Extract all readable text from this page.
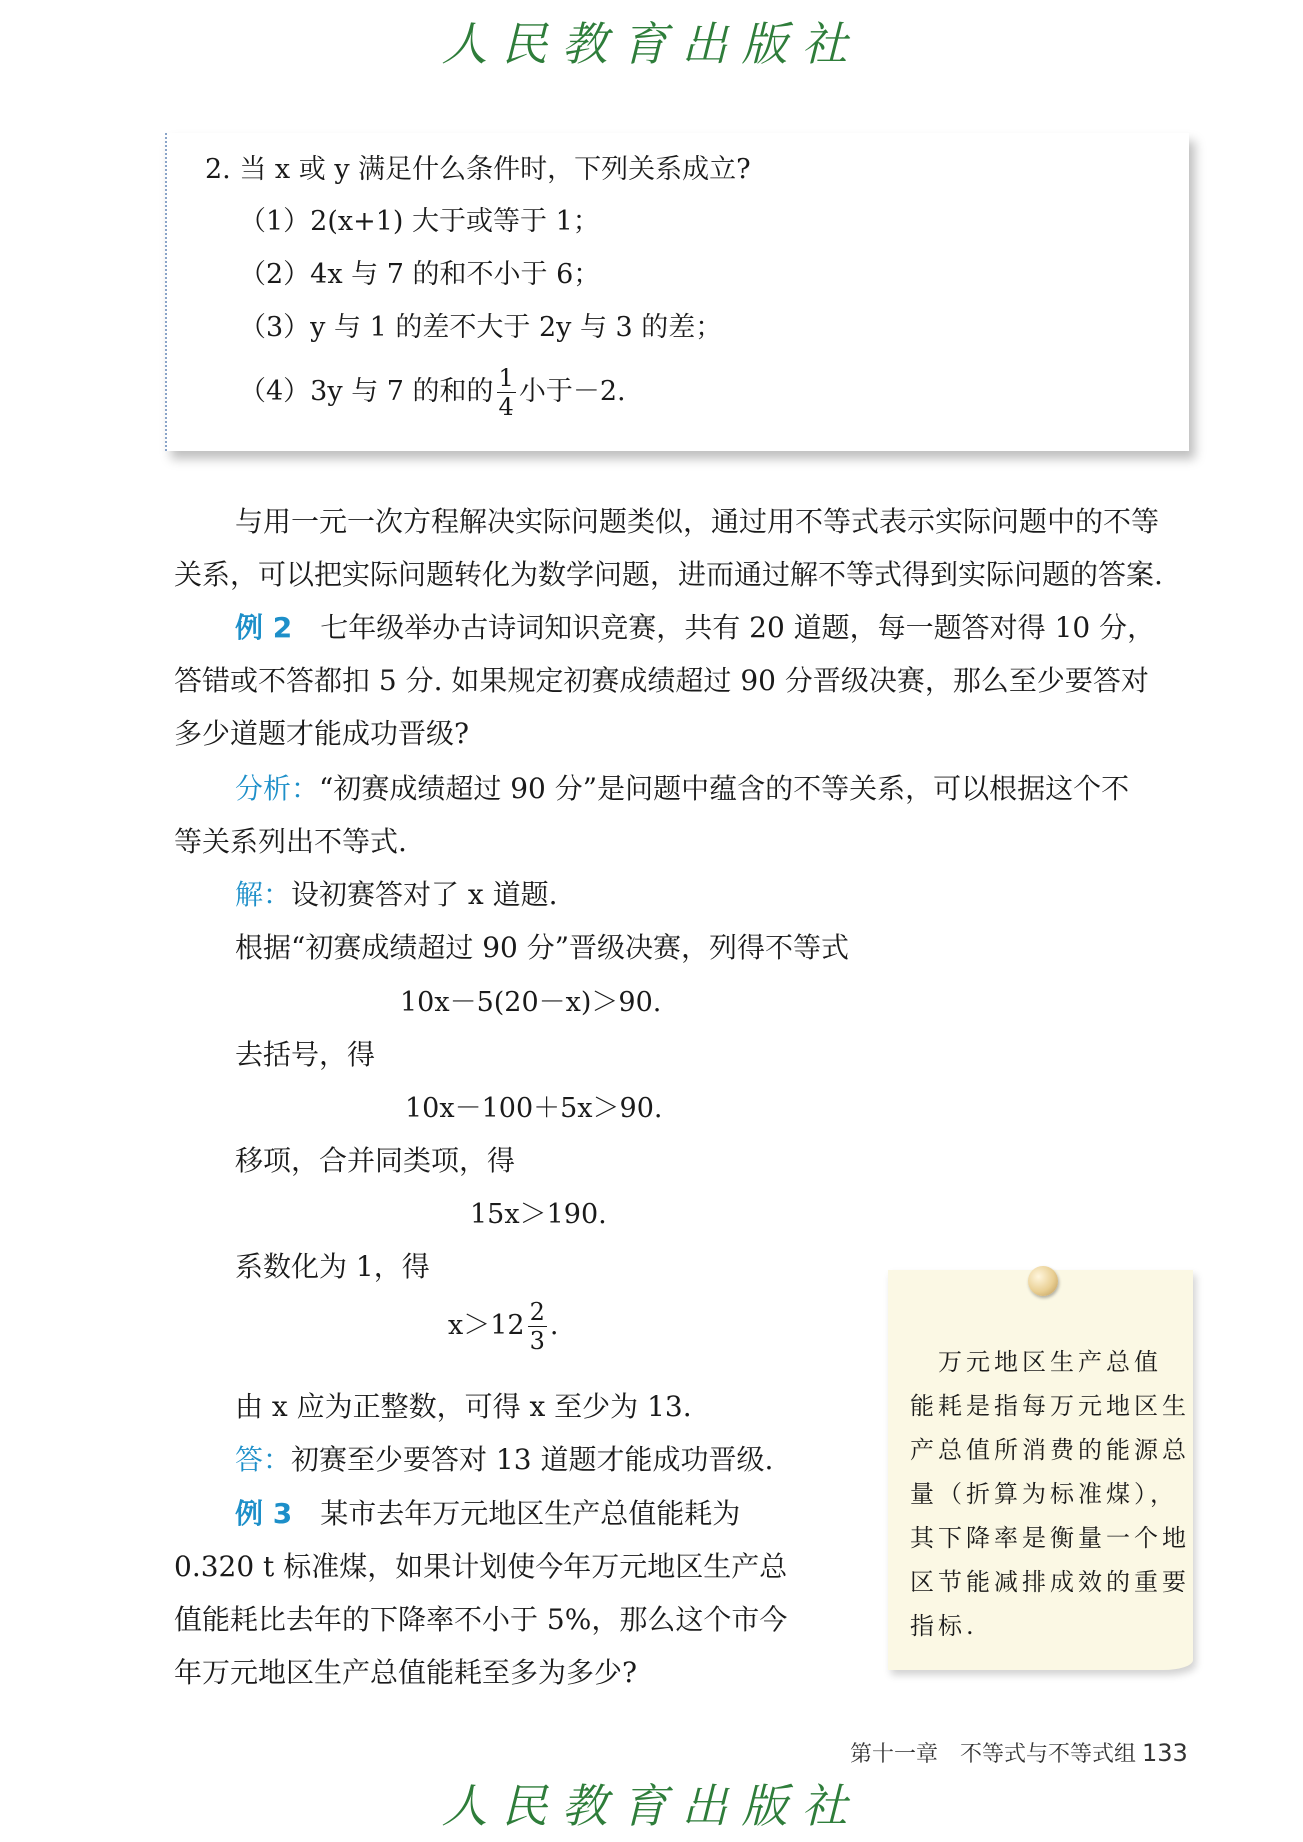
人民教育出版社
2. 当 x 或 y 满足什么条件时，下列关系成立?
（1）2(x+1) 大于或等于 1；
（2）4x 与 7 的和不小于 6；
（3）y 与 1 的差不大于 2y 与 3 的差；
（4）3y 与 7 的和的 $\frac{1}{4}$ 小于－2.
与用一元一次方程解决实际问题类似，通过用不等式表示实际问题中的不等
关系，可以把实际问题转化为数学问题，进而通过解不等式得到实际问题的答案.
例 2　 七年级举办古诗词知识竞赛，共有 20 道题，每一题答对得 10 分，
答错或不答都扣 5 分. 如果规定初赛成绩超过 90 分晋级决赛，那么至少要答对
多少道题才能成功晋级?
分析：“初赛成绩超过 90 分”是问题中蕴含的不等关系，可以根据这个不
等关系列出不等式.
解：设初赛答对了 x 道题.
根据“初赛成绩超过 90 分”晋级决赛，列得不等式
10x－5(20－x)＞90.
去括号，得
10x－100＋5x＞90.
移项，合并同类项，得
15x＞190.
系数化为 1，得
$x>12 \frac{2}{3}$ .
由 x 应为正整数，可得 x 至少为 13.
答：初赛至少要答对 13 道题才能成功晋级.
例 3　 某市去年万元地区生产总值能耗为
0.320 t 标准煤，如果计划使今年万元地区生产总
值能耗比去年的下降率不小于 5%，那么这个市今
年万元地区生产总值能耗至多为多少?
　万元地区生产总值
能耗是指每万元地区生
产总值所消费的能源总
量（折算为标准煤），
其下降率是衡量一个地
区节能减排成效的重要
指标.
第十一章　不等式与不等式组 133
人民教育出版社
